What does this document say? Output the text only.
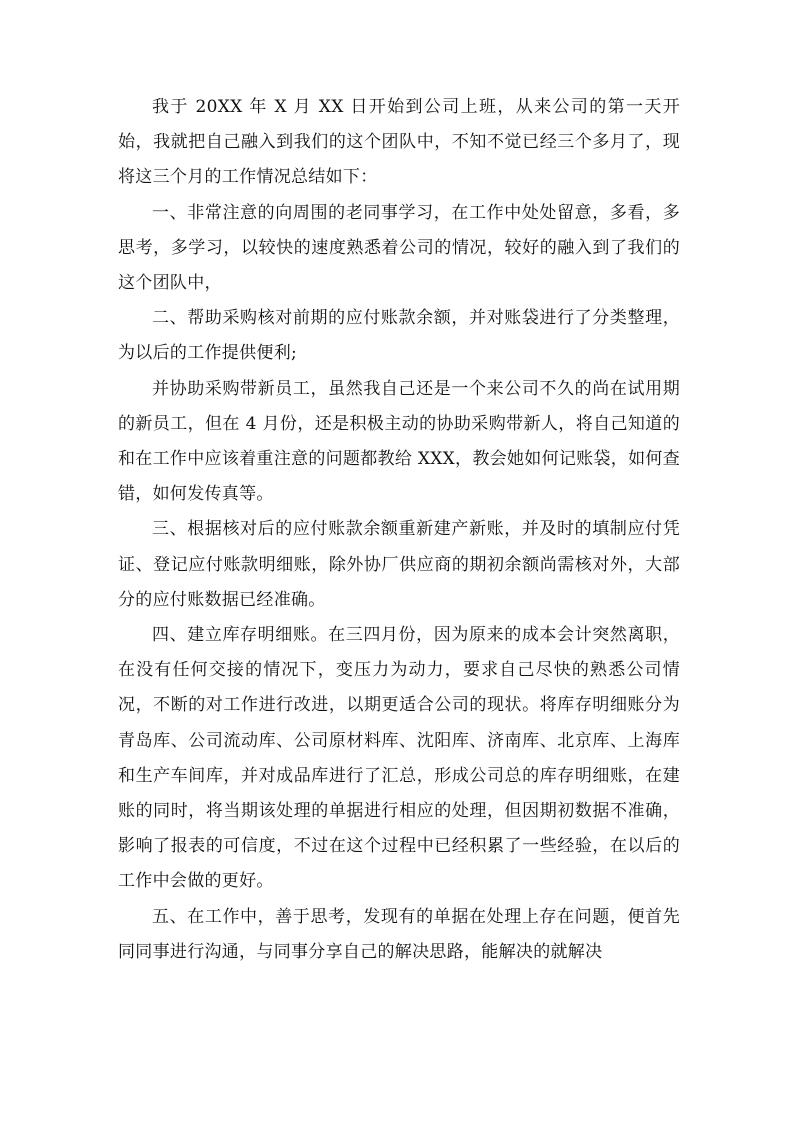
我于 20XX 年 X 月 XX 日开始到公司上班，从来公司的第一天开始，我就把自己融入到我们的这个团队中，不知不觉已经三个多月了，现将这三个月的工作情况总结如下：

一、非常注意的向周围的老同事学习，在工作中处处留意，多看，多思考，多学习，以较快的速度熟悉着公司的情况，较好的融入到了我们的这个团队中，

二、帮助采购核对前期的应付账款余额，并对账袋进行了分类整理，为以后的工作提供便利;

并协助采购带新员工，虽然我自己还是一个来公司不久的尚在试用期的新员工，但在 4 月份，还是积极主动的协助采购带新人，将自己知道的和在工作中应该着重注意的问题都教给 XXX，教会她如何记账袋，如何查错，如何发传真等。

三、根据核对后的应付账款余额重新建产新账，并及时的填制应付凭证、登记应付账款明细账，除外协厂供应商的期初余额尚需核对外，大部分的应付账数据已经准确。

四、建立库存明细账。在三四月份，因为原来的成本会计突然离职，在没有任何交接的情况下，变压力为动力，要求自己尽快的熟悉公司情况，不断的对工作进行改进，以期更适合公司的现状。将库存明细账分为青岛库、公司流动库、公司原材料库、沈阳库、济南库、北京库、上海库和生产车间库，并对成品库进行了汇总，形成公司总的库存明细账，在建账的同时，将当期该处理的单据进行相应的处理，但因期初数据不准确，影响了报表的可信度，不过在这个过程中已经积累了一些经验，在以后的工作中会做的更好。

五、在工作中，善于思考，发现有的单据在处理上存在问题，便首先同同事进行沟通，与同事分享自己的解决思路，能解决的就解决
